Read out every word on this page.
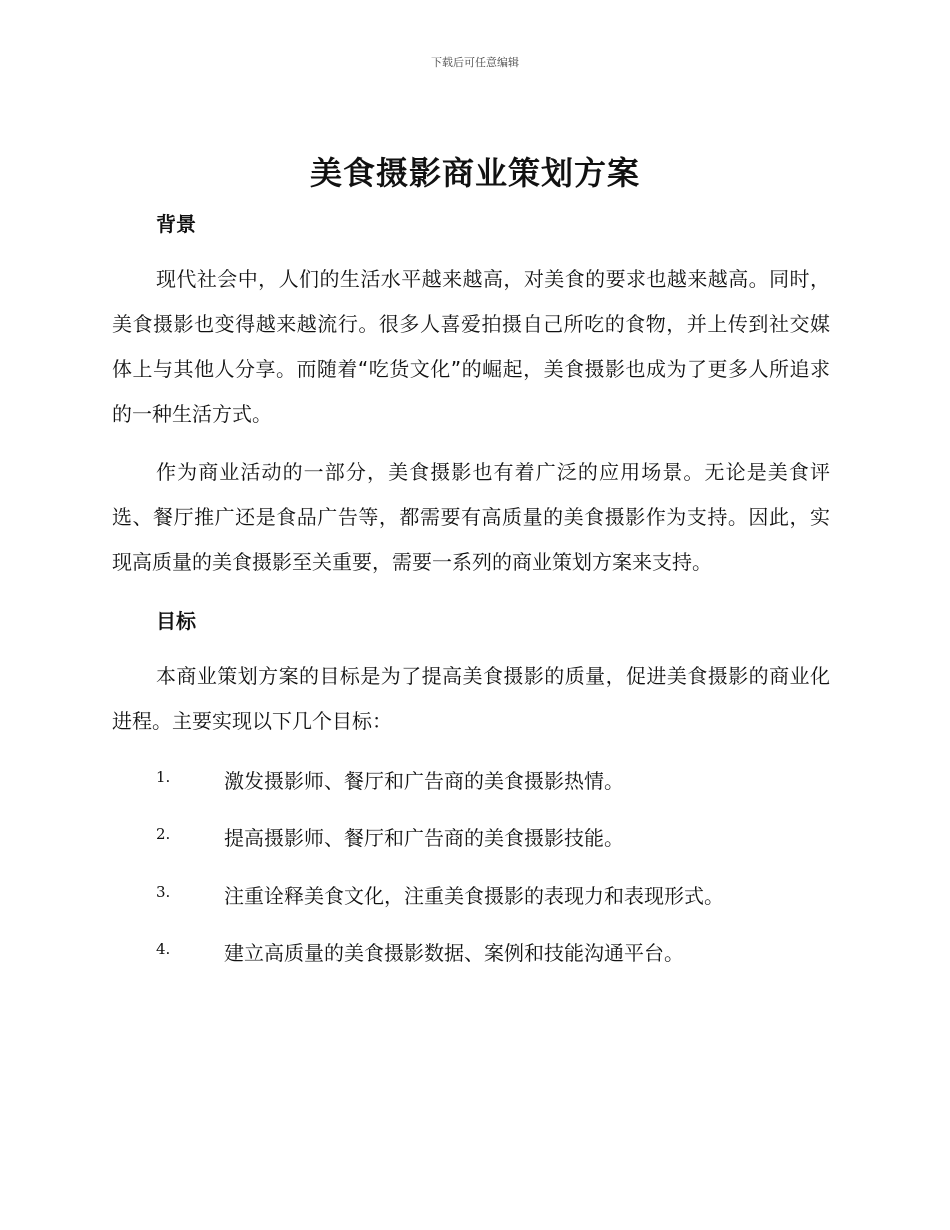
下载后可任意编辑
美食摄影商业策划方案
背景
现代社会中，人们的生活水平越来越高，对美食的要求也越来越高。同时，美食摄影也变得越来越流行。很多人喜爱拍摄自己所吃的食物，并上传到社交媒体上与其他人分享。而随着“吃货文化”的崛起，美食摄影也成为了更多人所追求的一种生活方式。
作为商业活动的一部分，美食摄影也有着广泛的应用场景。无论是美食评选、餐厅推广还是食品广告等，都需要有高质量的美食摄影作为支持。因此，实现高质量的美食摄影至关重要，需要一系列的商业策划方案来支持。
目标
本商业策划方案的目标是为了提高美食摄影的质量，促进美食摄影的商业化进程。主要实现以下几个目标：
1.	激发摄影师、餐厅和广告商的美食摄影热情。
2.	提高摄影师、餐厅和广告商的美食摄影技能。
3.	注重诠释美食文化，注重美食摄影的表现力和表现形式。
4.	建立高质量的美食摄影数据、案例和技能沟通平台。
